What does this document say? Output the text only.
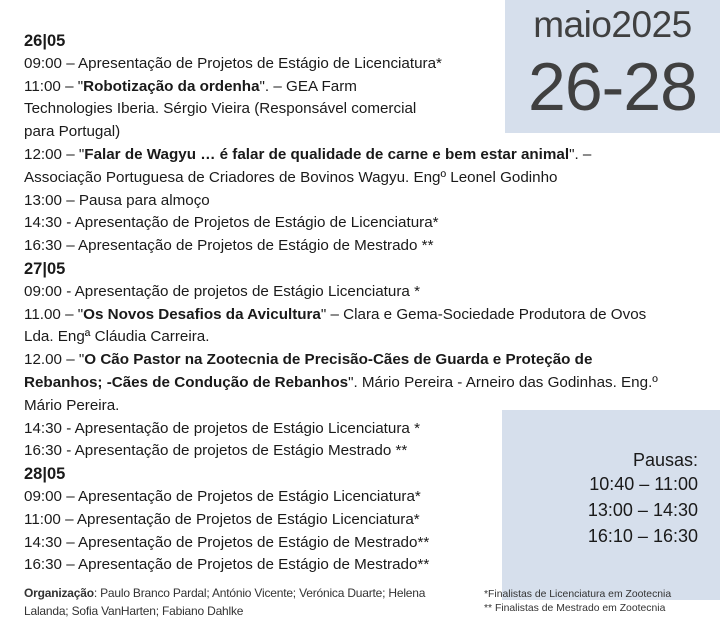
maio2025
26-28
Pausas:
10:40 – 11:00
13:00 – 14:30
16:10 – 16:30
26|05
09:00 – Apresentação de Projetos de Estágio de Licenciatura*
11:00 – "Robotização da ordenha". – GEA Farm
Technologies Iberia. Sérgio Vieira (Responsável comercial
para Portugal)
12:00 – "Falar de Wagyu … é falar de qualidade de carne e bem estar animal". –
Associação Portuguesa de Criadores de Bovinos Wagyu. Engº Leonel Godinho
13:00 – Pausa para almoço
14:30 - Apresentação de Projetos de Estágio de Licenciatura*
16:30 – Apresentação de Projetos de Estágio de Mestrado **
27|05
09:00 - Apresentação de projetos de Estágio Licenciatura *
11.00 – "Os Novos Desafios da Avicultura" – Clara e Gema-Sociedade Produtora de Ovos
Lda. Engª Cláudia Carreira.
12.00 – "O Cão Pastor na Zootecnia de Precisão-Cães de Guarda e Proteção de
Rebanhos; -Cães de Condução de Rebanhos". Mário Pereira - Arneiro das Godinhas. Eng.º
Mário Pereira.
14:30 - Apresentação de projetos de Estágio Licenciatura *
16:30 - Apresentação de projetos de Estágio Mestrado **
28|05
09:00 – Apresentação de Projetos de Estágio Licenciatura*
11:00 – Apresentação de Projetos de Estágio Licenciatura*
14:30 – Apresentação de Projetos de Estágio de Mestrado**
16:30 – Apresentação de Projetos de Estágio de Mestrado**
Organização: Paulo Branco Pardal; António Vicente; Verónica Duarte; Helena
Lalanda; Sofia VanHarten; Fabiano Dahlke
*Finalistas de Licenciatura em Zootecnia
** Finalistas de Mestrado em Zootecnia
